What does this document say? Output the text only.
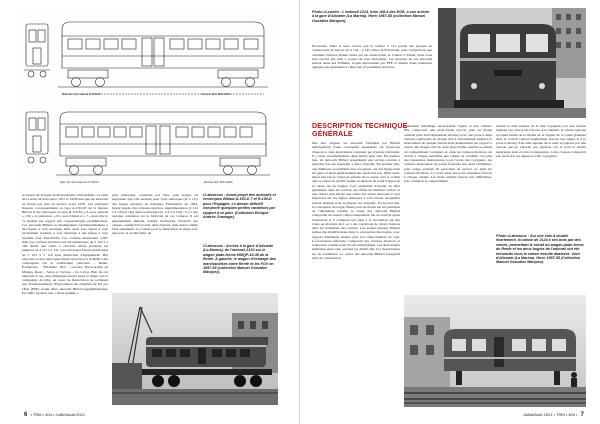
Plan du remorqueur R-150-D	Dessin Eric BILLARD
Plan du remorqueur R-150-D	Dessin Eric BILLARD
et assuré sur la ligne de Profondeville à Pierrefiche. Le reste de la série fut livré entre 1957 et 1958 bien que les autorails ne furent pas mis en service avant 1959. Les véhicules moteurs correspondaient au type A-150-D7 de la maison Billard et les remorques au type R-150-D (« A pour autorail », 150 » la puissance, « D » pour Diesel et « 7 » pour être la 7e modèle par rapport aux caractéristiques préliminaires). Les autorails Billard se distinguaient fondamentalement à des lignes à voie métrique mais aussi hors lignes à voie étroitement normale à voie métrique à des lignes à voie normale avec Pierrefiche. Les voitures mesuraient 1,067 mm. Les voitures motrices ont été numérotées de 2 101 à 2 106 tandis que celles à caractère mixte portaient les numéros de 2 111 à 2 131. Les remorques furent numérotées de 5 101 à 5 110 sans distinction d'équipement. Dix autorails et cinq remorques furent réservés par le MOP à des compagnies qui le sollicitaient (Alicante – Denia, Ponferrada – Villablino, Olot – Gerona, Ferrocarriles de Málaga, Reus – Salou et Tortosa – La Cava). Huit de ces autorails et ses cinq remorques furent aussi le temps par la compagnie de Olot, en cours de Reus-Salou ne revinrent pas. Postérieurement, l'Exploitation des Chemins de Fer par l'État (EFE) acquit deux autorails Billard supplémentaires. En 1962, fut mise une « basse gamme »
pour remorque, construite par Vers, sans bogies, en supposant que s'ils seraient pour cette remorque (la S 111) des bogies existants de rechange. Finalement, en 1964, furent requis cinq voitures motrices supplémentaires (2 141 à 2 145) et cinq autres remorques (S 112 à S 116) ; il y a une certaine confusion sur le fabricant de ces voitures. Il est généralement indiqué comme l'entreprise fabricant des caisses, comme Ferrocarril, dans d'autres, mais aussi comme Vers seulement. Le contrat pour la fabrication se signe avec Autorail, la société mère de
Ci-dessous : Avant-projet des autorails et remorques Billard A-150-D 7 et R-150-D pour l'Espagne. Le dessin définitif comporte quelques petites variations par rapport à ce plan. (Collection Enrique Andrés Gramage).
Ci-dessous : Arrivée à la gare d'Alicante (La Marina), de l'autorail 2124 sur le wagon plate-forme MMQP-18-38 de la Renfe. A gauche, le wagon d'échange des marchandises entre Renfe et les FGV en 1957-58 (collection Manuel González Márquez).
6 • TRM • 404 • Juillet/Août 2021
Photo ci-contre : L'autorail 2124, futur AM-4 des EGE, à son arrivée à la gare d'Alicante (La Marina). Hiver 1957-58 (collection Manuel González Márquez).
Ferrotrade. Mais si nous savons que la voiture 2 141 portait des plaques de constructeur de Vers et les 2 144 – 2 145 celles de Ferrotrade, nous comprenons que certaines voitures étaient faites par un constructeur et d'autres à Taulís, mais nous n'en savons pas plus à propos de leur répartition. Les moteurs de ces autorails étaient aussi des Willème, acquis directement par EFE et étaient d'une puissance quelque peu supérieure à celles des 25 premières motrices.
DESCRIPTION TECHNIQUE
GÉNÉRALE
Dès leur origine, les autorails fabriqués par Billard témoignèrent d'une conception supérieure sur beaucoup d'aspects à ceux équivalents construits par d'autres fabricants. Il y avait, essentiellement, deux motifs pour cela. En premier lieu, les autorails Billard possédaient une section centrale à plancher bas qui répondait à deux objectifs. En premier lieu, une meilleure accessibilité aux voyageurs, sur des lignes dont les gares avaient généralement des quais très bas. Mais aussi, situer très bas le centre de gravité de la caisse, tant et si bien que ce centre de gravité restait au-dessous du point d'appui de la caisse sur les bogies. Ceci permettait d'obtenir un effet pendulaire dans les courbes qui offrait un meilleur confort et une vitesse plus élevée que celles des autres autorails et c'est important sur les lignes sinueuses à voie étroite auxquelles étaient destinés pour la plupart ces autorails. En second lieu, la conception du bogie. Basés pour au moins sur les principes de l'allemande Görlitz, le bogie des autorails Billard comportait un ressort central suspendant fait en vertical qu'un transversal et il s'adaptait très bien à la circulation sur des voies en mauvais état ou à des variations de divers liaisons dans les transitions des courbes. Les années passant, Billard réalisa des modifications dans la conception des bogies, avec l'apport d'éléments ensuite plus son comportement en voie. La fourniture effectuée comportait des voitures motrices et remorques comme nous l'avons déjà indiqué. Les deux étaient similaires entre eux, excepté les détails liés à la motorisation sur les premières. La caisse des autorails Billard espagnols était de construction
totalement métallique autoportante, légère et très robuste. Elle comportait une plate-forme d'accès plus ou moins centrale (elle était légèrement décalée) avec une porte à deux vantaux coulissants de chaque côté à actionnement manuel, le mouvement de chaque vantail étant indépendant par rapport à l'autre. De chaque côté de cette plate-forme centrale se situait un compartiment voyageurs et, dans les voitures motrices, un travail à chaque extrémité une cabine de conduite. Un plus des banquettes transversales pour l'accès des voyageurs, les voitures disposaient de portes frontales aux deux extrémités, pour usage exclusif du personnel de service et, dans les voitures motrices, il y avait aussi une porte extérieure d'accès à chaque cabine. Les deux cabines étaient très différentes. Une contenait le compartiment
moteur et était séparée de la salle voyageurs par une cloison équipée avec une porte d'accès. Au contraire, la cabine opposée occupait moins de la moitié de la largeur de la caisse (laissant libre le couloir central longitudinal d'accès aux sièges et à la porte frontale). Elle était séparée de la salle voyageurs par une cloison qui ne s'élevait pas jusqu'au toit et dont le moitié supérieure était en vitre transparente. Cette cloison comportait une porte d'accès depuis la salle voyageurs.
Photo ci-dessous : Sur une voie à double écartement, la caisse de 2124 à ses bras par des veines, permettant le retrait du wagon-plate-forme de Renfe et les deux bogies de l'autorail ont été introduits sous la caisse ensuite abaissée. Gare d'Alicante (La Marina). Hiver 1957-58 (Collection Manuel González Márquez).
Juillet/Août 2021 • TRM • 404 • 7
